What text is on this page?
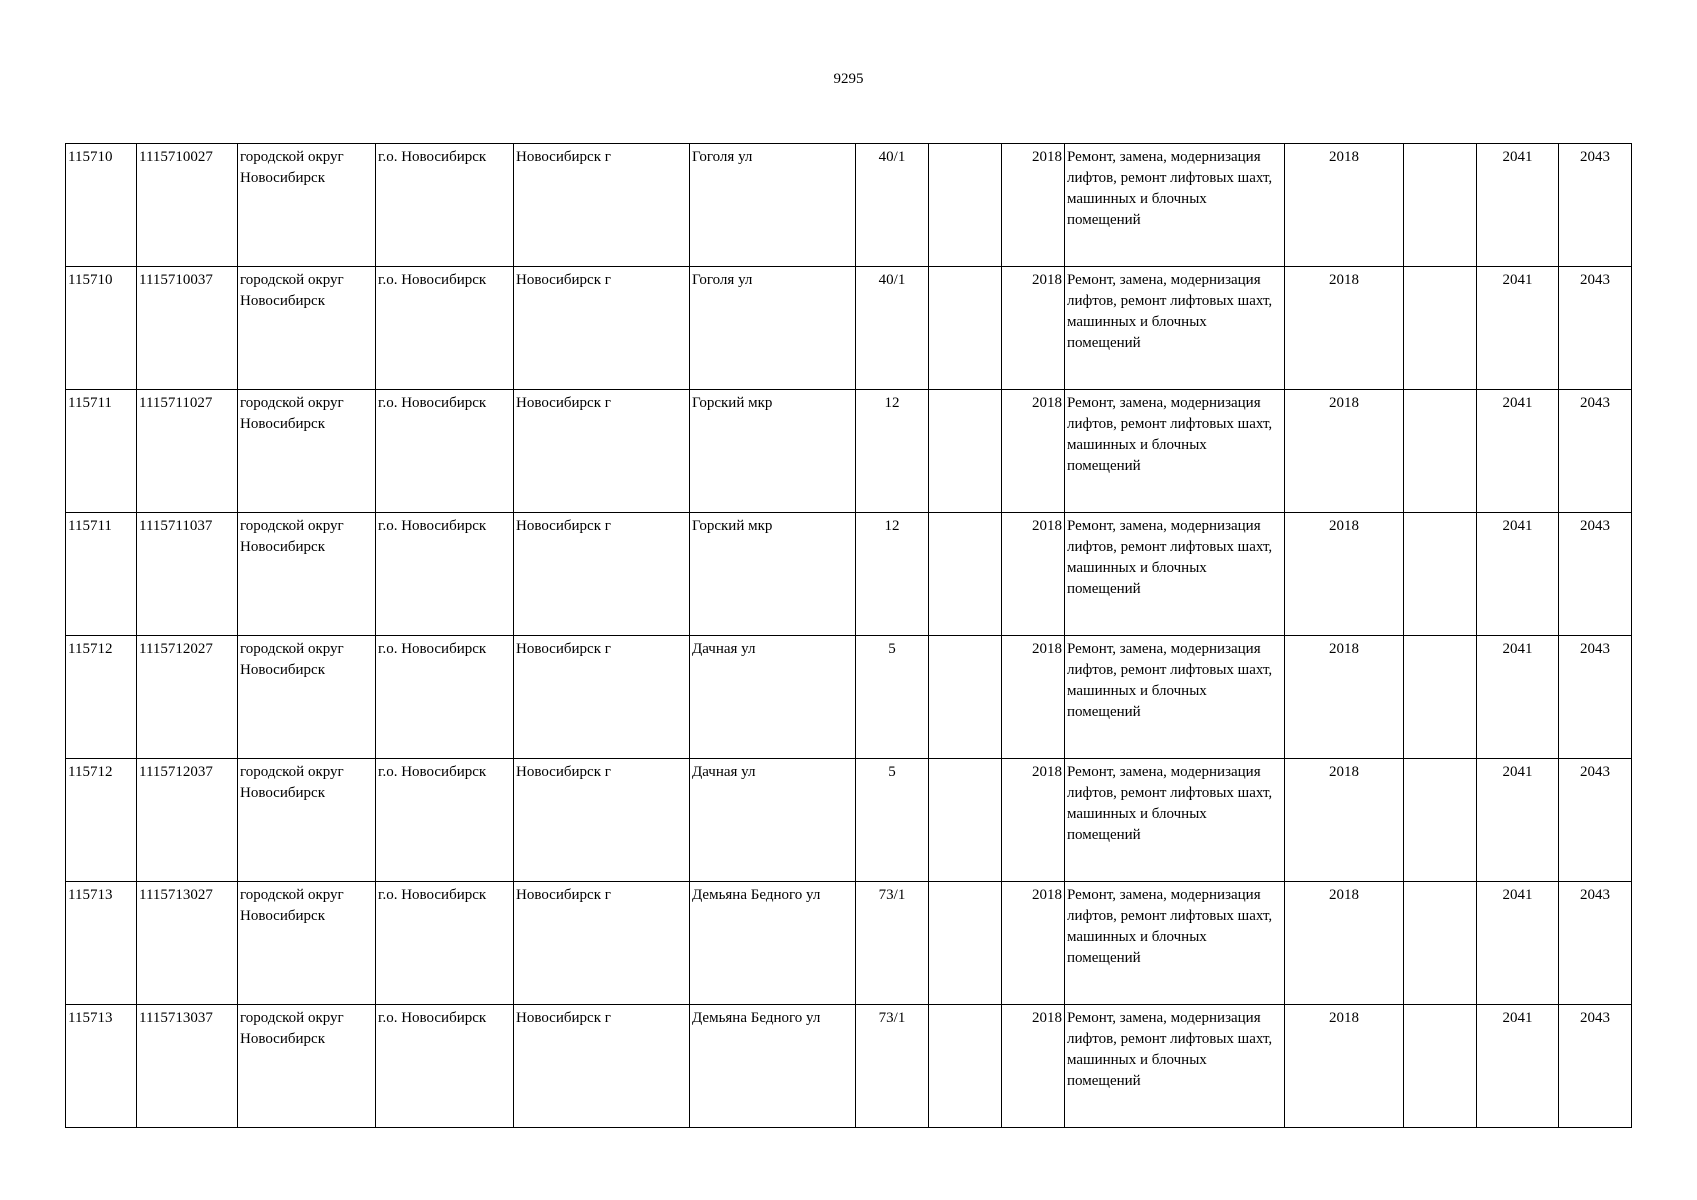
9295
115710	1115710027	городской округ Новосибирск	г.о. Новосибирск	Новосибирск г	Гоголя ул	40/1		2018	Ремонт, замена, модернизация лифтов, ремонт лифтовых шахт, машинных и блочных помещений	2018		2041	2043
115710	1115710037	городской округ Новосибирск	г.о. Новосибирск	Новосибирск г	Гоголя ул	40/1		2018	Ремонт, замена, модернизация лифтов, ремонт лифтовых шахт, машинных и блочных помещений	2018		2041	2043
115711	1115711027	городской округ Новосибирск	г.о. Новосибирск	Новосибирск г	Горский мкр	12		2018	Ремонт, замена, модернизация лифтов, ремонт лифтовых шахт, машинных и блочных помещений	2018		2041	2043
115711	1115711037	городской округ Новосибирск	г.о. Новосибирск	Новосибирск г	Горский мкр	12		2018	Ремонт, замена, модернизация лифтов, ремонт лифтовых шахт, машинных и блочных помещений	2018		2041	2043
115712	1115712027	городской округ Новосибирск	г.о. Новосибирск	Новосибирск г	Дачная ул	5		2018	Ремонт, замена, модернизация лифтов, ремонт лифтовых шахт, машинных и блочных помещений	2018		2041	2043
115712	1115712037	городской округ Новосибирск	г.о. Новосибирск	Новосибирск г	Дачная ул	5		2018	Ремонт, замена, модернизация лифтов, ремонт лифтовых шахт, машинных и блочных помещений	2018		2041	2043
115713	1115713027	городской округ Новосибирск	г.о. Новосибирск	Новосибирск г	Демьяна Бедного ул	73/1		2018	Ремонт, замена, модернизация лифтов, ремонт лифтовых шахт, машинных и блочных помещений	2018		2041	2043
115713	1115713037	городской округ Новосибирск	г.о. Новосибирск	Новосибирск г	Демьяна Бедного ул	73/1		2018	Ремонт, замена, модернизация лифтов, ремонт лифтовых шахт, машинных и блочных помещений	2018		2041	2043
